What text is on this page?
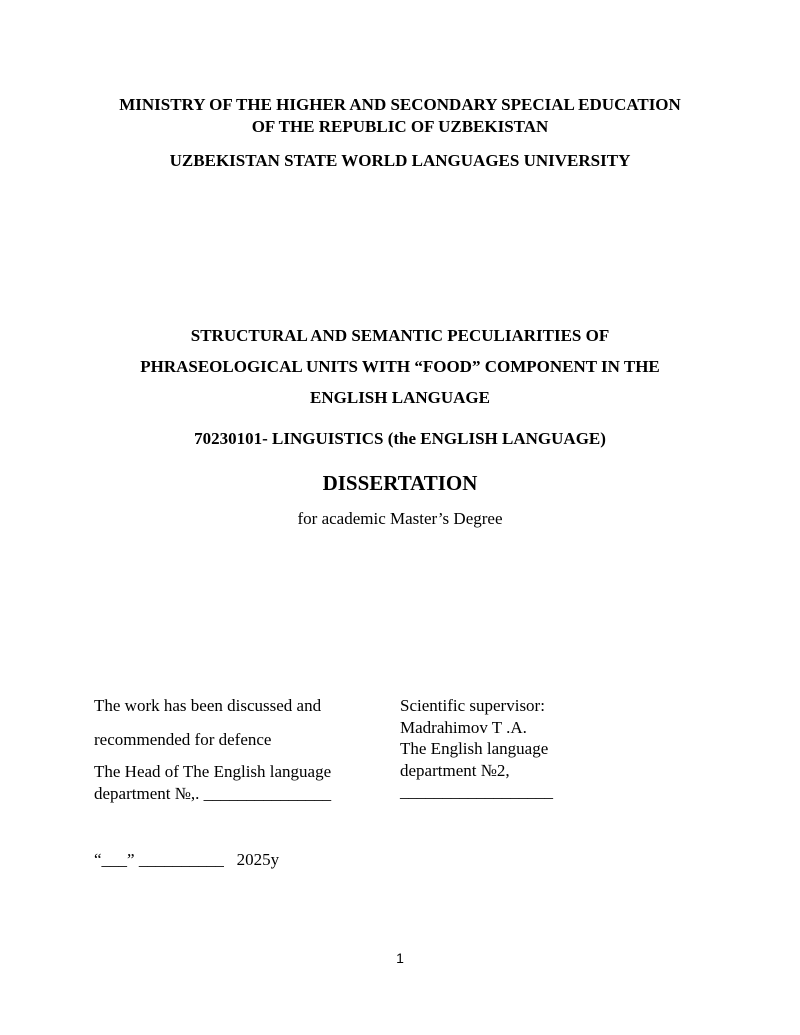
MINISTRY OF THE HIGHER AND SECONDARY SPECIAL EDUCATION
OF THE REPUBLIC OF UZBEKISTAN
UZBEKISTAN STATE WORLD LANGUAGES UNIVERSITY
STRUCTURAL AND SEMANTIC PECULIARITIES OF
PHRASEOLOGICAL UNITS WITH “FOOD” COMPONENT IN THE
ENGLISH LANGUAGE
70230101- LINGUISTICS (the ENGLISH LANGUAGE)
DISSERTATION
for academic Master’s Degree
The work has been discussed and
recommended for defence
The Head of The English language
department №,. _______________
Scientific supervisor:
Madrahimov T .A.
The English language
department №2,
__________________
“___” __________   2025y
1
